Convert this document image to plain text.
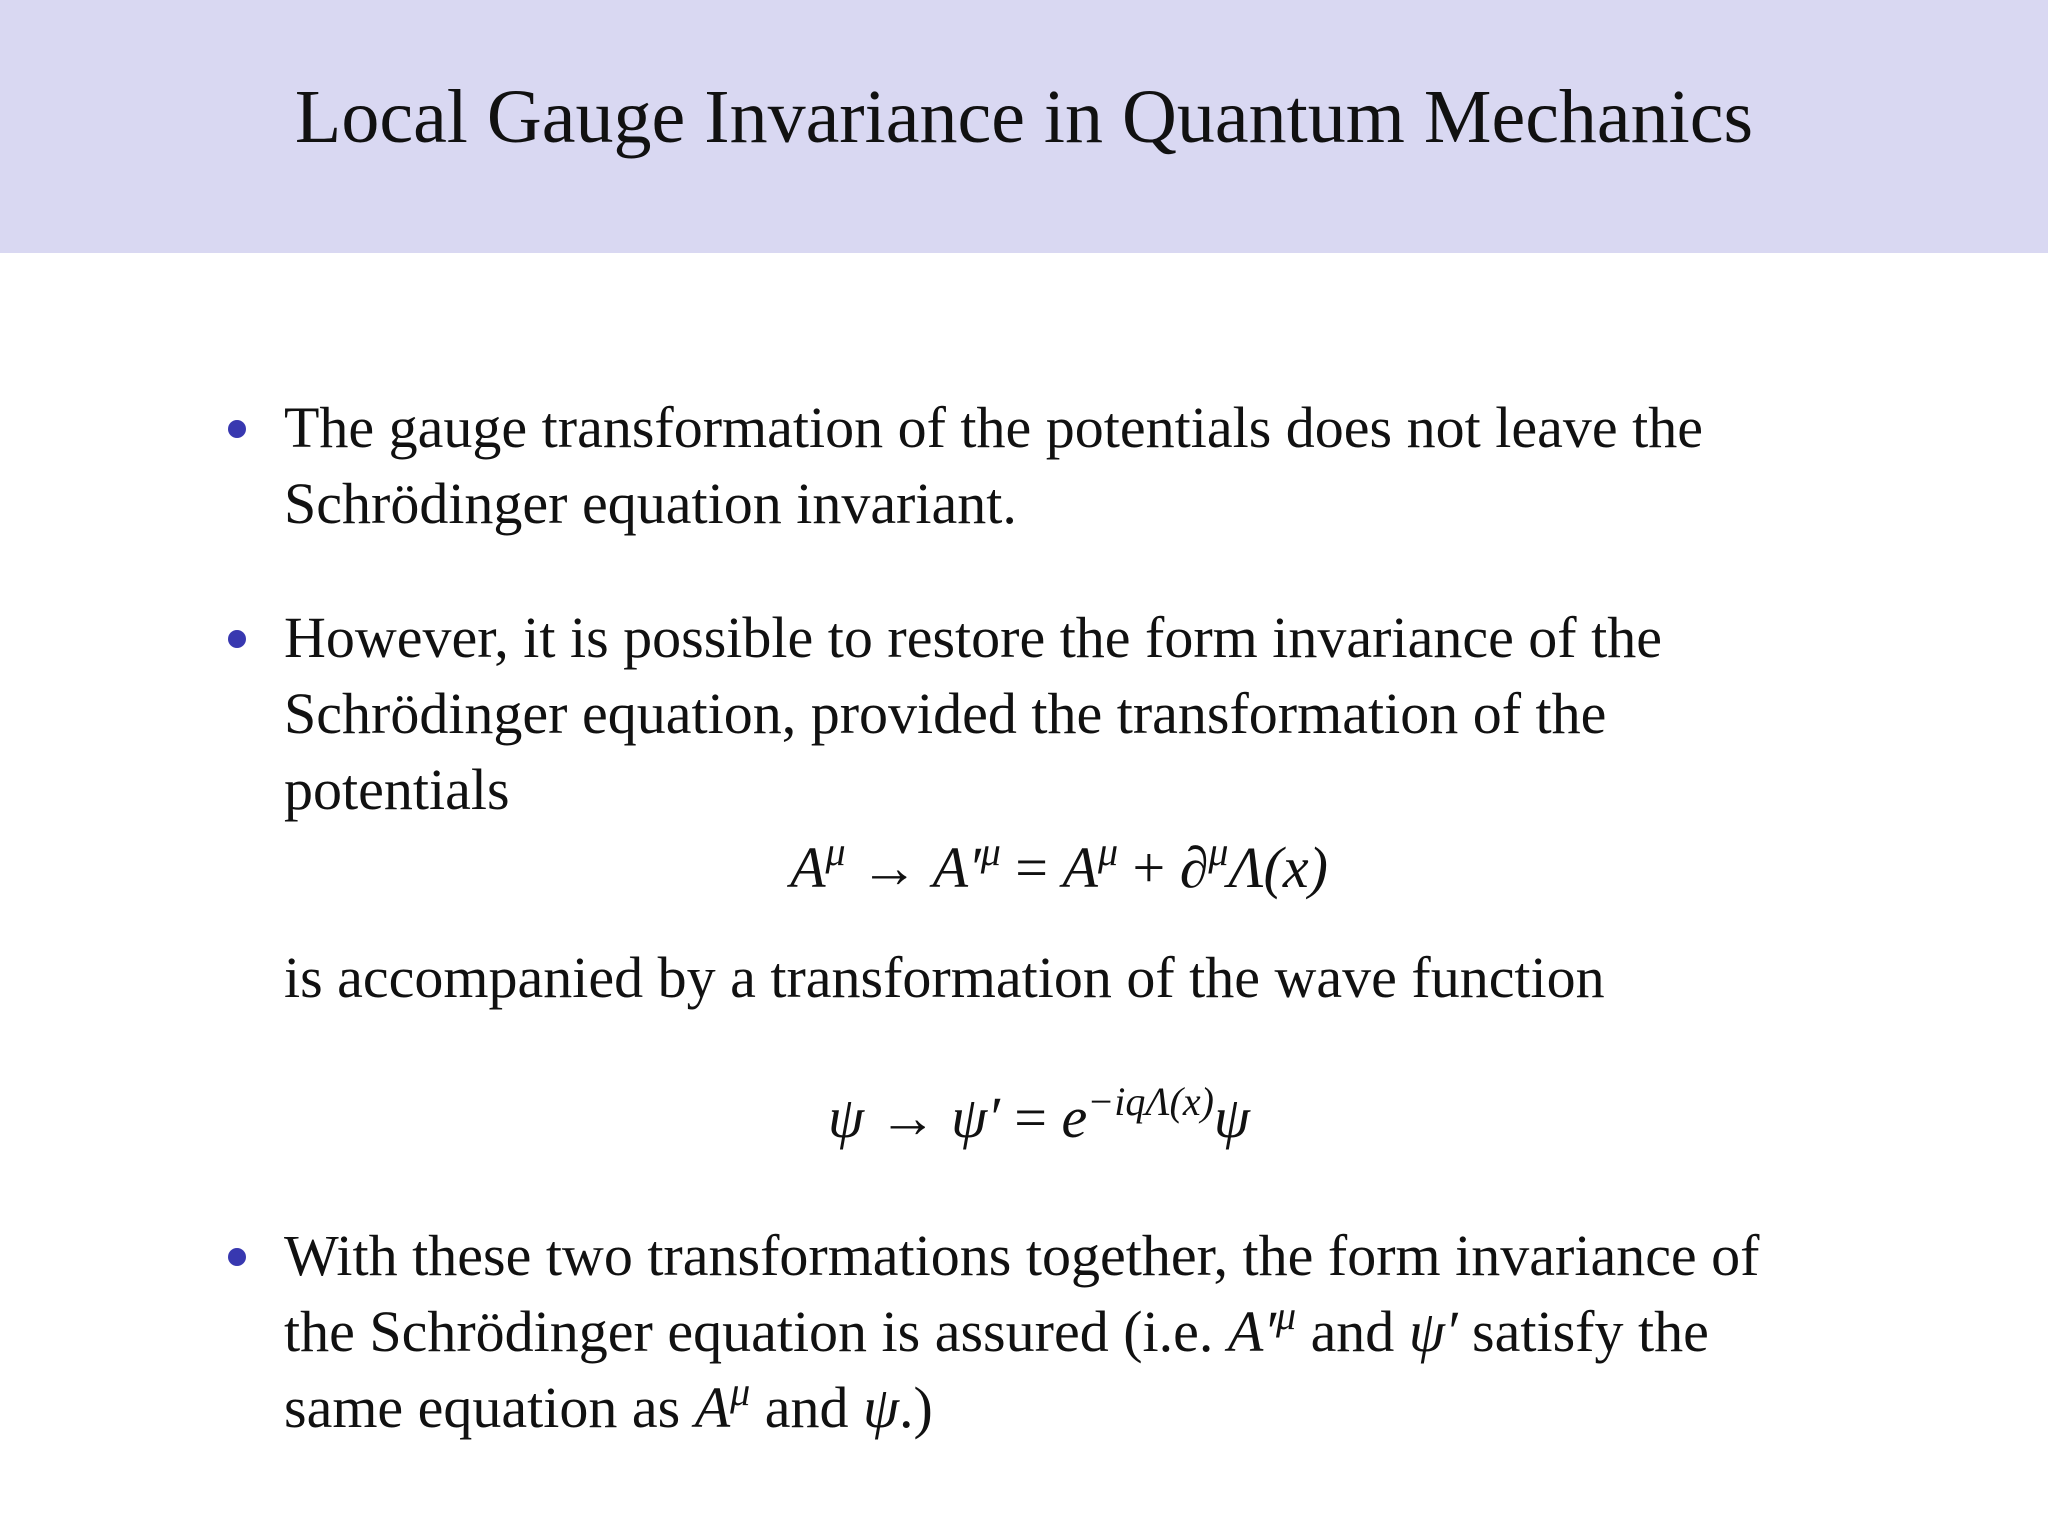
Local Gauge Invariance in Quantum Mechanics

The gauge transformation of the potentials does not leave the

Schrödinger equation invariant.

However, it is possible to restore the form invariance of the

Schrödinger equation, provided the transformation of the

potentials

$A^\mu \to A'^\mu = A^\mu + \partial^\mu\Lambda(x)$

is accompanied by a transformation of the wave function

$\psi \to \psi' = e^{-iq\Lambda(x)}\psi$

With these two transformations together, the form invariance of

the Schrödinger equation is assured (i.e. $A'^\mu$ and ψ′ satisfy the

same equation as $A^\mu$ and ψ.)
